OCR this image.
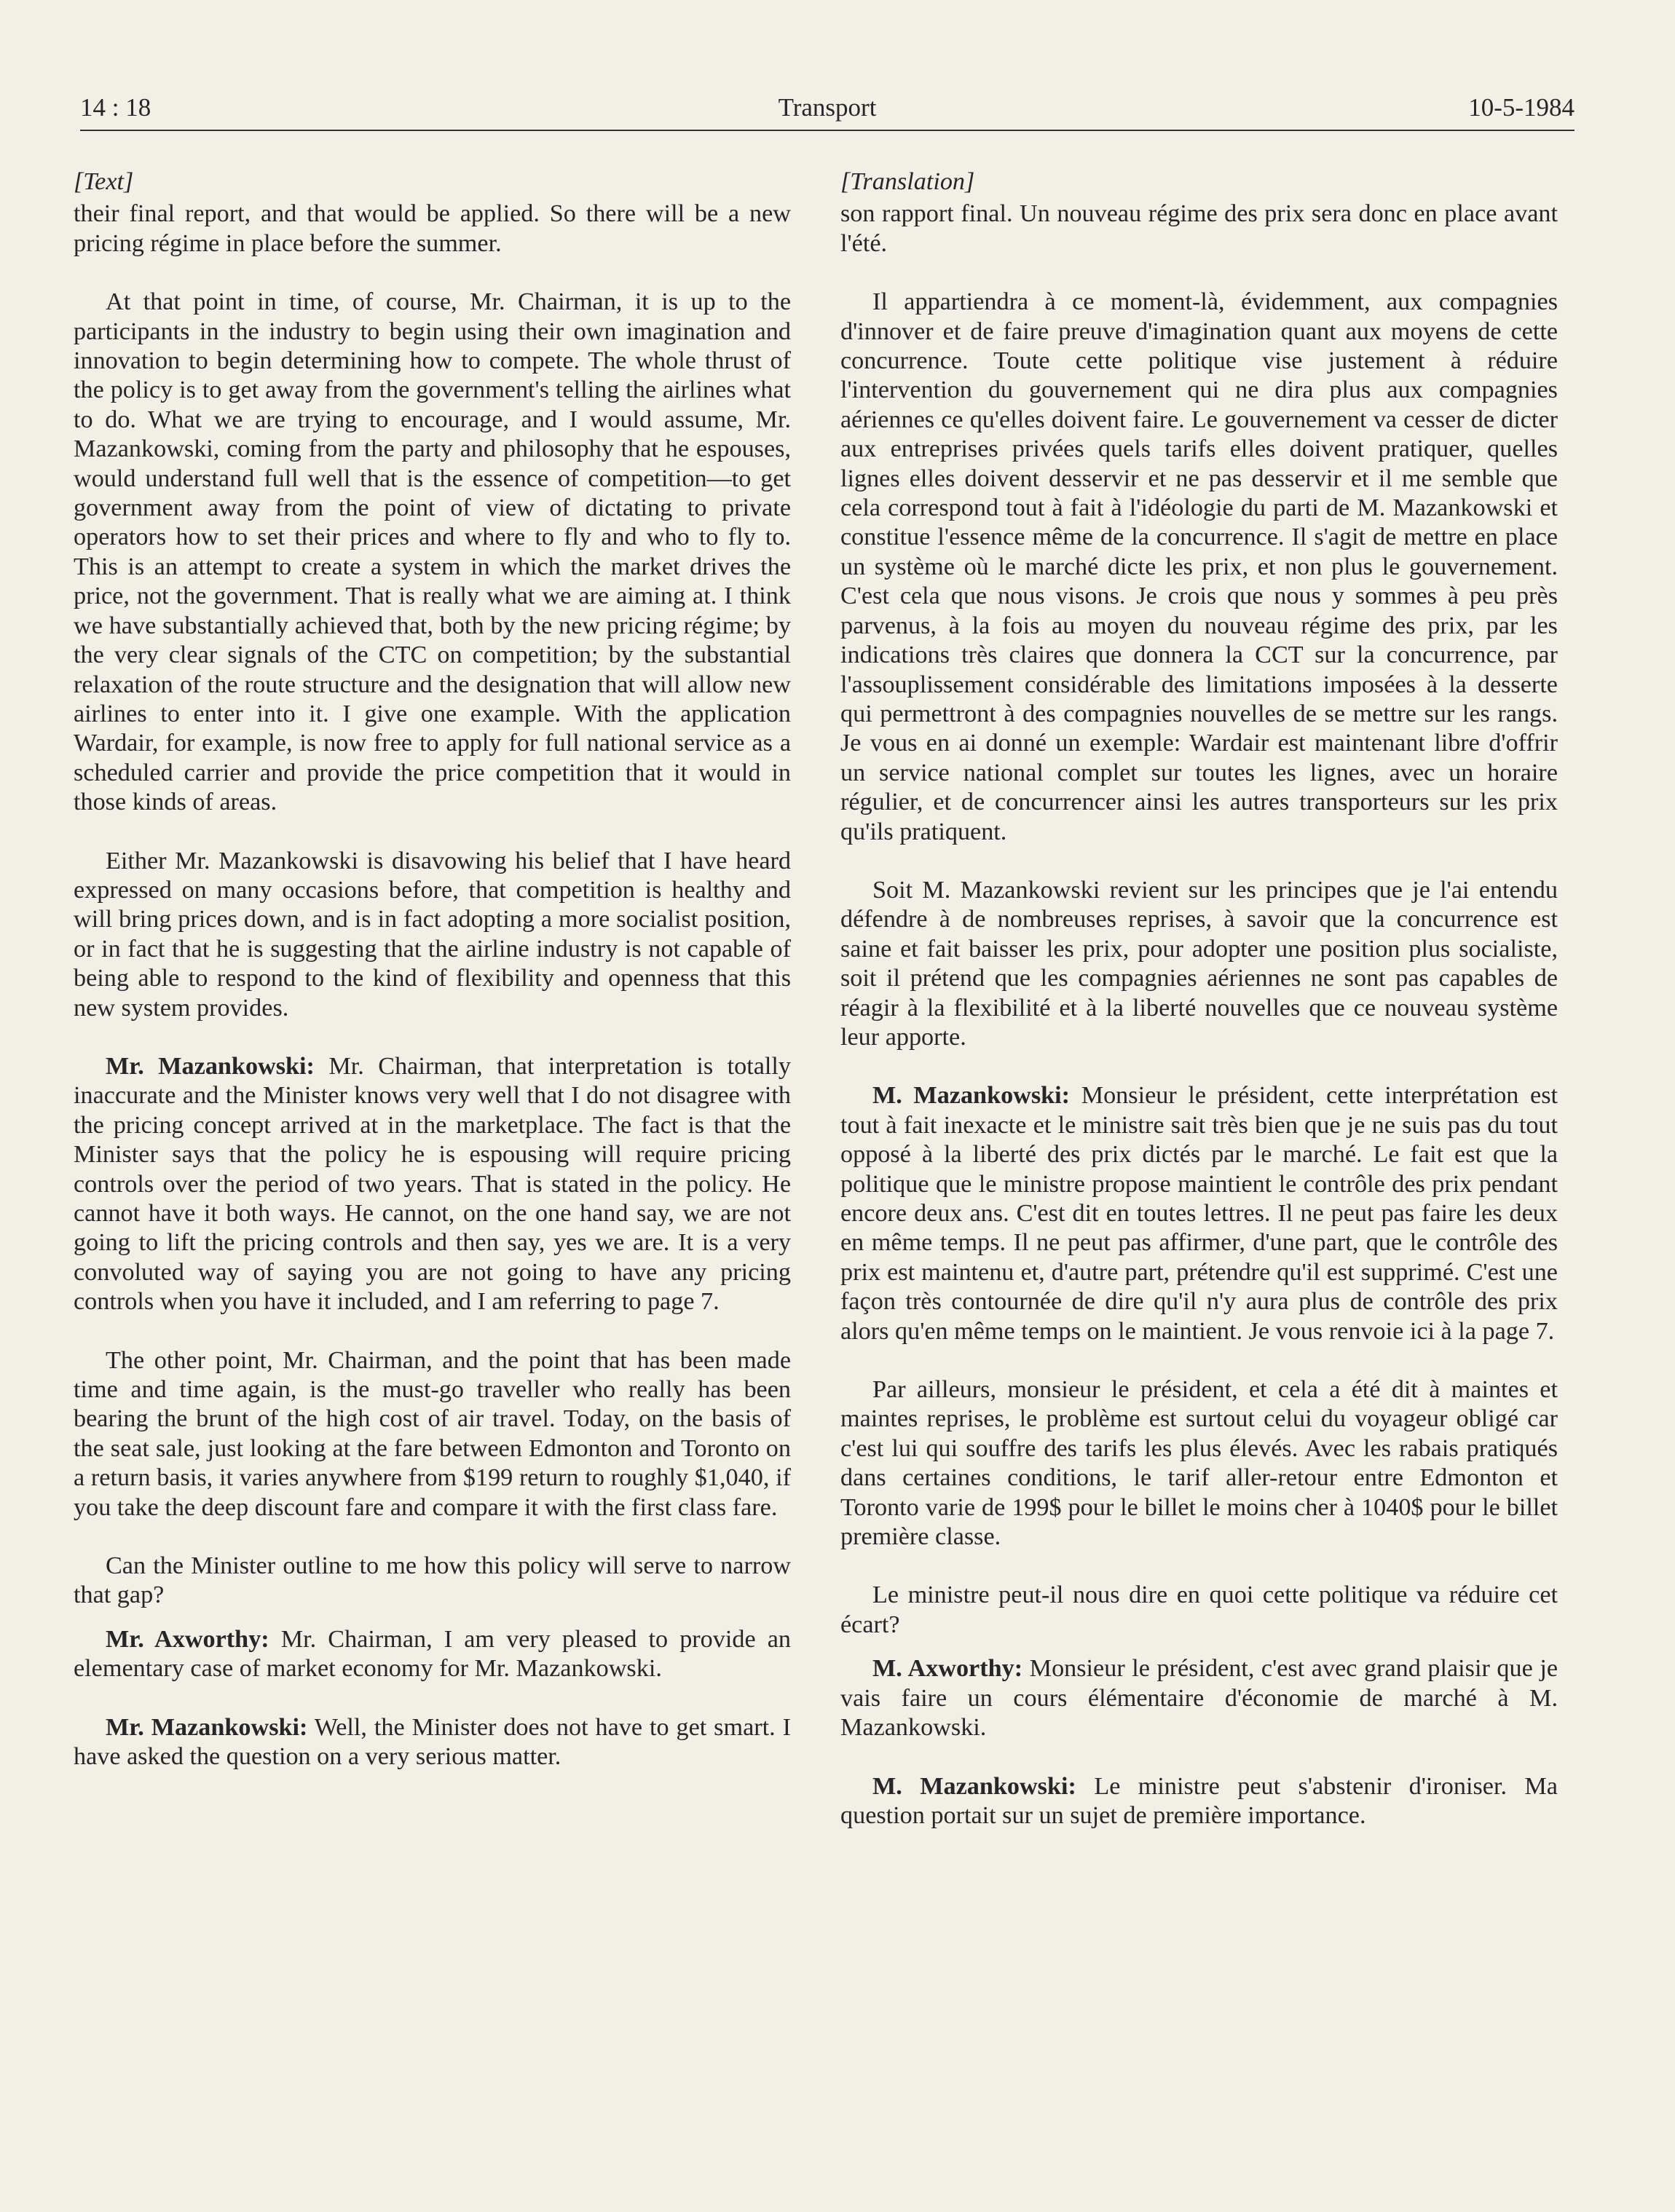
14 : 18	Transport	10-5-1984
[Text]

their final report, and that would be applied. So there will be a new pricing régime in place before the summer.

At that point in time, of course, Mr. Chairman, it is up to the participants in the industry to begin using their own imagination and innovation to begin determining how to compete. The whole thrust of the policy is to get away from the government's telling the airlines what to do. What we are trying to encourage, and I would assume, Mr. Mazankowski, coming from the party and philosophy that he espouses, would understand full well that is the essence of competition—to get government away from the point of view of dictating to private operators how to set their prices and where to fly and who to fly to. This is an attempt to create a system in which the market drives the price, not the government. That is really what we are aiming at. I think we have substantially achieved that, both by the new pricing régime; by the very clear signals of the CTC on competition; by the substantial relaxation of the route structure and the designation that will allow new airlines to enter into it. I give one example. With the application Wardair, for example, is now free to apply for full national service as a scheduled carrier and provide the price competition that it would in those kinds of areas.

Either Mr. Mazankowski is disavowing his belief that I have heard expressed on many occasions before, that competition is healthy and will bring prices down, and is in fact adopting a more socialist position, or in fact that he is suggesting that the airline industry is not capable of being able to respond to the kind of flexibility and openness that this new system provides.

Mr. Mazankowski: Mr. Chairman, that interpretation is totally inaccurate and the Minister knows very well that I do not disagree with the pricing concept arrived at in the marketplace. The fact is that the Minister says that the policy he is espousing will require pricing controls over the period of two years. That is stated in the policy. He cannot have it both ways. He cannot, on the one hand say, we are not going to lift the pricing controls and then say, yes we are. It is a very convoluted way of saying you are not going to have any pricing controls when you have it included, and I am referring to page 7.

The other point, Mr. Chairman, and the point that has been made time and time again, is the must-go traveller who really has been bearing the brunt of the high cost of air travel. Today, on the basis of the seat sale, just looking at the fare between Edmonton and Toronto on a return basis, it varies anywhere from $199 return to roughly $1,040, if you take the deep discount fare and compare it with the first class fare.

Can the Minister outline to me how this policy will serve to narrow that gap?

Mr. Axworthy: Mr. Chairman, I am very pleased to provide an elementary case of market economy for Mr. Mazankowski.

Mr. Mazankowski: Well, the Minister does not have to get smart. I have asked the question on a very serious matter.

[Translation]

son rapport final. Un nouveau régime des prix sera donc en place avant l'été.

Il appartiendra à ce moment-là, évidemment, aux compagnies d'innover et de faire preuve d'imagination quant aux moyens de cette concurrence. Toute cette politique vise justement à réduire l'intervention du gouvernement qui ne dira plus aux compagnies aériennes ce qu'elles doivent faire. Le gouvernement va cesser de dicter aux entreprises privées quels tarifs elles doivent pratiquer, quelles lignes elles doivent desservir et ne pas desservir et il me semble que cela correspond tout à fait à l'idéologie du parti de M. Mazankowski et constitue l'essence même de la concurrence. Il s'agit de mettre en place un système où le marché dicte les prix, et non plus le gouvernement. C'est cela que nous visons. Je crois que nous y sommes à peu près parvenus, à la fois au moyen du nouveau régime des prix, par les indications très claires que donnera la CCT sur la concurrence, par l'assouplissement considérable des limitations imposées à la desserte qui permettront à des compagnies nouvelles de se mettre sur les rangs. Je vous en ai donné un exemple: Wardair est maintenant libre d'offrir un service national complet sur toutes les lignes, avec un horaire régulier, et de concurrencer ainsi les autres transporteurs sur les prix qu'ils pratiquent.

Soit M. Mazankowski revient sur les principes que je l'ai entendu défendre à de nombreuses reprises, à savoir que la concurrence est saine et fait baisser les prix, pour adopter une position plus socialiste, soit il prétend que les compagnies aériennes ne sont pas capables de réagir à la flexibilité et à la liberté nouvelles que ce nouveau système leur apporte.

M. Mazankowski: Monsieur le président, cette interprétation est tout à fait inexacte et le ministre sait très bien que je ne suis pas du tout opposé à la liberté des prix dictés par le marché. Le fait est que la politique que le ministre propose maintient le contrôle des prix pendant encore deux ans. C'est dit en toutes lettres. Il ne peut pas faire les deux en même temps. Il ne peut pas affirmer, d'une part, que le contrôle des prix est maintenu et, d'autre part, prétendre qu'il est supprimé. C'est une façon très contournée de dire qu'il n'y aura plus de contrôle des prix alors qu'en même temps on le maintient. Je vous renvoie ici à la page 7.

Par ailleurs, monsieur le président, et cela a été dit à maintes et maintes reprises, le problème est surtout celui du voyageur obligé car c'est lui qui souffre des tarifs les plus élevés. Avec les rabais pratiqués dans certaines conditions, le tarif aller-retour entre Edmonton et Toronto varie de 199$ pour le billet le moins cher à 1040$ pour le billet première classe.

Le ministre peut-il nous dire en quoi cette politique va réduire cet écart?

M. Axworthy: Monsieur le président, c'est avec grand plaisir que je vais faire un cours élémentaire d'économie de marché à M. Mazankowski.

M. Mazankowski: Le ministre peut s'abstenir d'ironiser. Ma question portait sur un sujet de première importance.
